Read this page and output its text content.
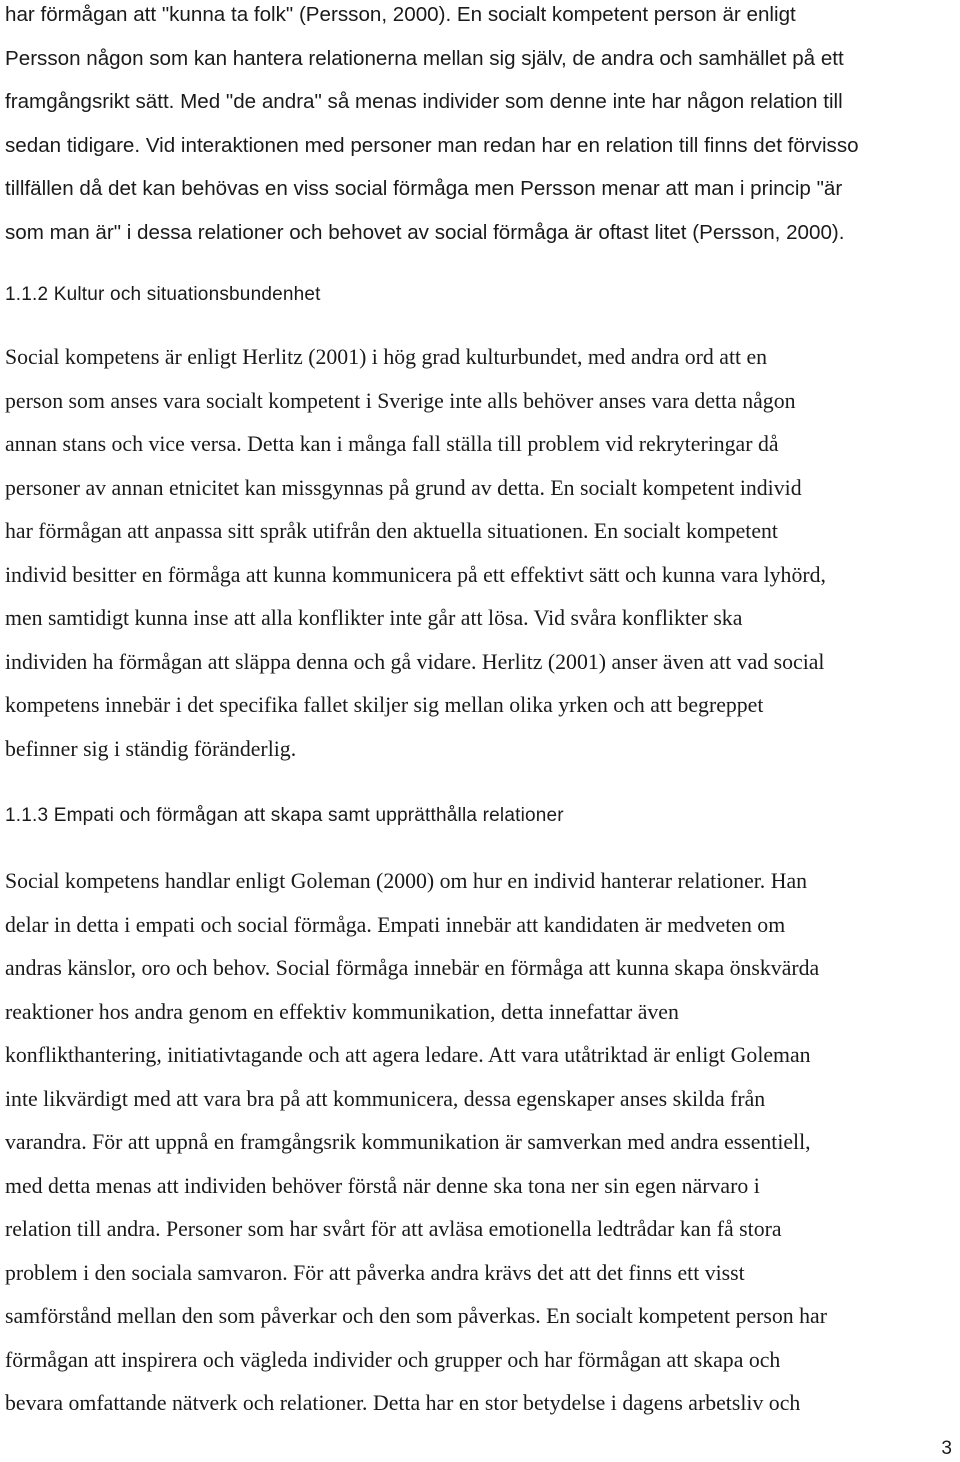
har förmågan att "kunna ta folk" (Persson, 2000). En socialt kompetent person är enligt
Persson någon som kan hantera relationerna mellan sig själv, de andra och samhället på ett
framgångsrikt sätt. Med "de andra" så menas individer som denne inte har någon relation till
sedan tidigare. Vid interaktionen med personer man redan har en relation till finns det förvisso
tillfällen då det kan behövas en viss social förmåga men Persson menar att man i princip "är
som man är" i dessa relationer och behovet av social förmåga är oftast litet (Persson, 2000).
1.1.2 Kultur och situationsbundenhet
Social kompetens är enligt Herlitz (2001) i hög grad kulturbundet, med andra ord att en
person som anses vara socialt kompetent i Sverige inte alls behöver anses vara detta någon
annan stans och vice versa. Detta kan i många fall ställa till problem vid rekryteringar då
personer av annan etnicitet kan missgynnas på grund av detta. En socialt kompetent individ
har förmågan att anpassa sitt språk utifrån den aktuella situationen. En socialt kompetent
individ besitter en förmåga att kunna kommunicera på ett effektivt sätt och kunna vara lyhörd,
men samtidigt kunna inse att alla konflikter inte går att lösa. Vid svåra konflikter ska
individen ha förmågan att släppa denna och gå vidare. Herlitz (2001) anser även att vad social
kompetens innebär i det specifika fallet skiljer sig mellan olika yrken och att begreppet
befinner sig i ständig föränderlig.
1.1.3 Empati och förmågan att skapa samt upprätthålla relationer
Social kompetens handlar enligt Goleman (2000) om hur en individ hanterar relationer. Han
delar in detta i empati och social förmåga. Empati innebär att kandidaten är medveten om
andras känslor, oro och behov. Social förmåga innebär en förmåga att kunna skapa önskvärda
reaktioner hos andra genom en effektiv kommunikation, detta innefattar även
konflikthantering, initiativtagande och att agera ledare. Att vara utåtriktad är enligt Goleman
inte likvärdigt med att vara bra på att kommunicera, dessa egenskaper anses skilda från
varandra. För att uppnå en framgångsrik kommunikation är samverkan med andra essentiell,
med detta menas att individen behöver förstå när denne ska tona ner sin egen närvaro i
relation till andra. Personer som har svårt för att avläsa emotionella ledtrådar kan få stora
problem i den sociala samvaron. För att påverka andra krävs det att det finns ett visst
samförstånd mellan den som påverkar och den som påverkas. En socialt kompetent person har
förmågan att inspirera och vägleda individer och grupper och har förmågan att skapa och
bevara omfattande nätverk och relationer. Detta har en stor betydelse i dagens arbetsliv och
3
